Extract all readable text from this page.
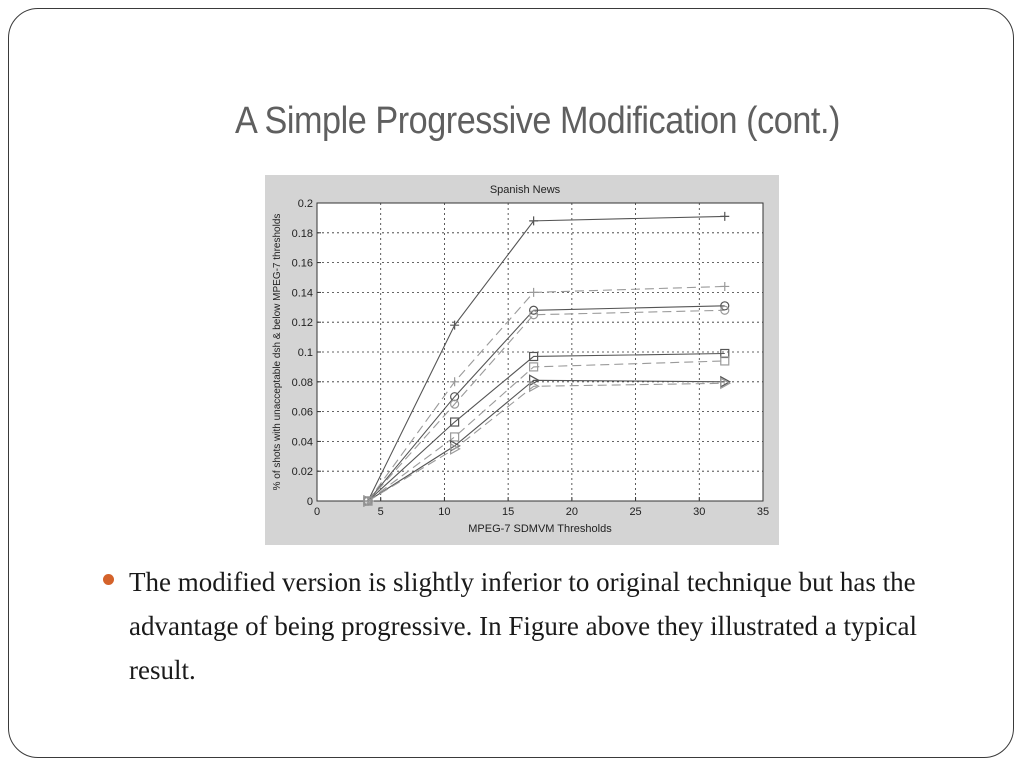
A Simple Progressive Modification (cont.)
0	5	10	15	20	25	30	35
0
0.02
0.04
0.06
0.08
0.1
0.12
0.14
0.16
0.18
0.2
Spanish News
MPEG-7 SDMVM Thresholds
% of shots with unacceptable dsh & below MPEG-7 thresholds
The modified version is slightly inferior to original technique but has the advantage of being progressive. In Figure above they illustrated a typical result.
